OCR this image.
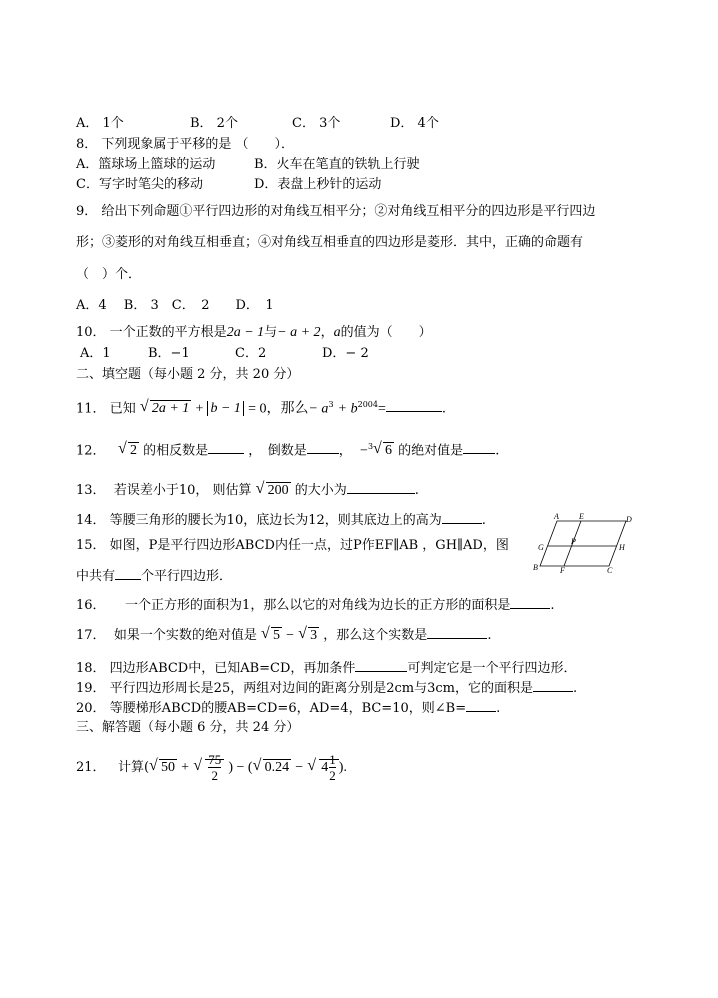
A． 1个	B． 2个	C． 3个	D． 4个
8． 下列现象属于平移的是 （　　）．
A．篮球场上篮球的运动	B．火车在笔直的铁轨上行驶
C．写字时笔尖的移动	D．表盘上秒针的运动
9． 给出下列命题①平行四边形的对角线互相平分；②对角线互相平分的四边形是平行四边
形；③菱形的对角线互相垂直；④对角线互相垂直的四边形是菱形．其中，正确的命题有
（　）个．
A．4　 B． 3　C．　2　　D．　1
10． 一个正数的平方根是2a − 1与− a + 2，a的值为（　　）
A．1	B．−1	C．2	D．− 2
二、填空题（每小题 2 分，共 20 分）
11． 已知 √ 2a + 1 + b − 1 = 0，那么− $a^3 + b^{2004}=$	.
12． √ 2 的相反数是	，　倒数是 ，  −$^3$ √ 6 的绝对值是 .
13． 若误差小于10， 则估算 √ 200 的大小为	.
14． 等腰三角形的腰长为10，底边长为12，则其底边上的高为	.
15． 如图，P是平行四边形ABCD内任一点，过P作EF∥AB ，GH∥AD，图
中共有 个平行四边形．
A	E	D
G
P
H
B	F	C
16．　　一个正方形的面积为1，那么以它的对角线为边长的正方形的面积是	.
17． 如果一个实数的绝对值是 √ 5 − √ 3 ，那么这个实数是	.
18． 四边形ABCD中，已知AB=CD，再加条件	可判定它是一个平行四边形．
19． 平行四边形周长是25，两组对边间的距离分别是2cm与3cm，它的面积是	.
20． 等腰梯形ABCD的腰AB=CD=6，AD=4，BC=10，则∠B= .
三、解答题（每小题 6 分，共 24 分）
21． 计算( √ 50 + √ $\frac{75}{2}$ ) − ( √ 0.24 − √ $4 \frac{1}{2}$ ).
